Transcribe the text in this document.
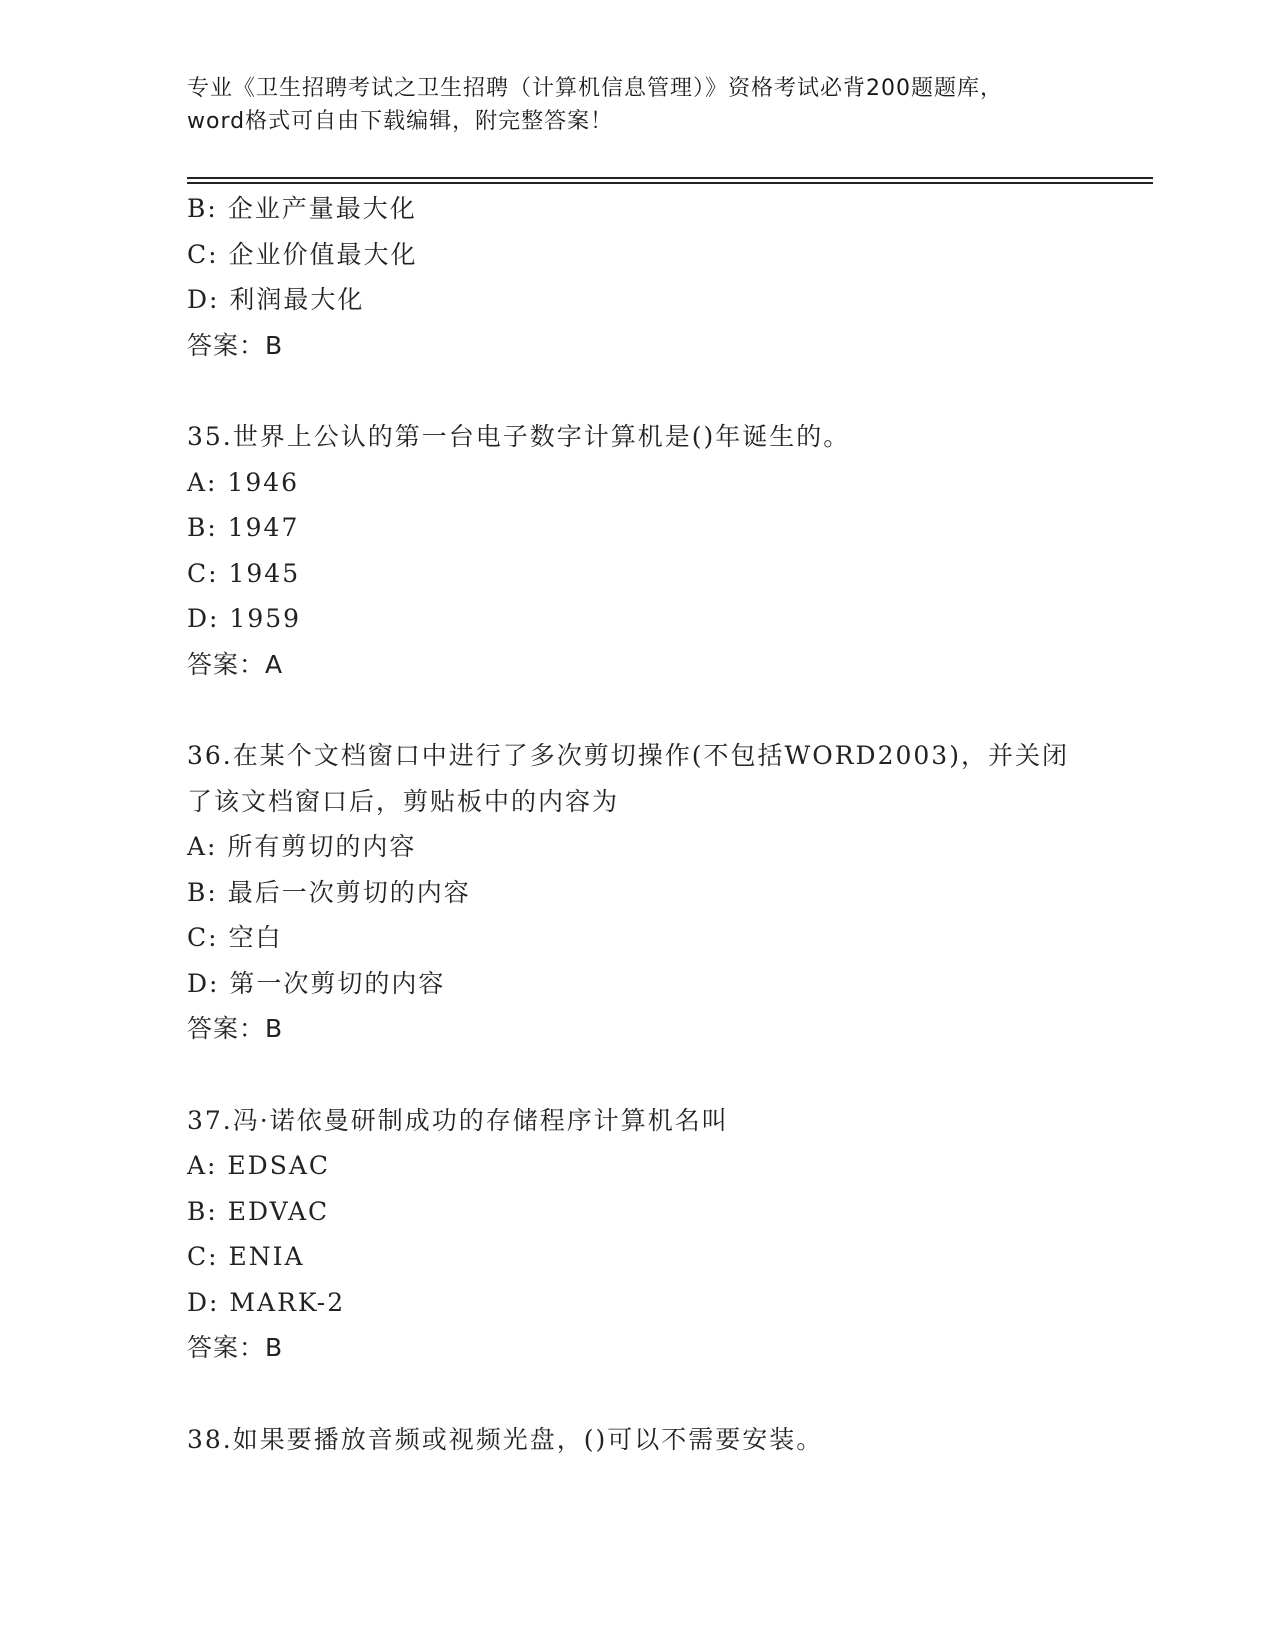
专业《卫生招聘考试之卫生招聘（计算机信息管理）》资格考试必背200题题库，
word格式可自由下载编辑，附完整答案！
B: 企业产量最大化
C: 企业价值最大化
D: 利润最大化
答案：B
35.世界上公认的第一台电子数字计算机是()年诞生的。
A: 1946
B: 1947
C: 1945
D: 1959
答案：A
36.在某个文档窗口中进行了多次剪切操作(不包括WORD2003)，并关闭
了该文档窗口后，剪贴板中的内容为
A: 所有剪切的内容
B: 最后一次剪切的内容
C: 空白
D: 第一次剪切的内容
答案：B
37.冯·诺依曼研制成功的存储程序计算机名叫
A: EDSAC
B: EDVAC
C: ENIA
D: MARK-2
答案：B
38.如果要播放音频或视频光盘，()可以不需要安装。
